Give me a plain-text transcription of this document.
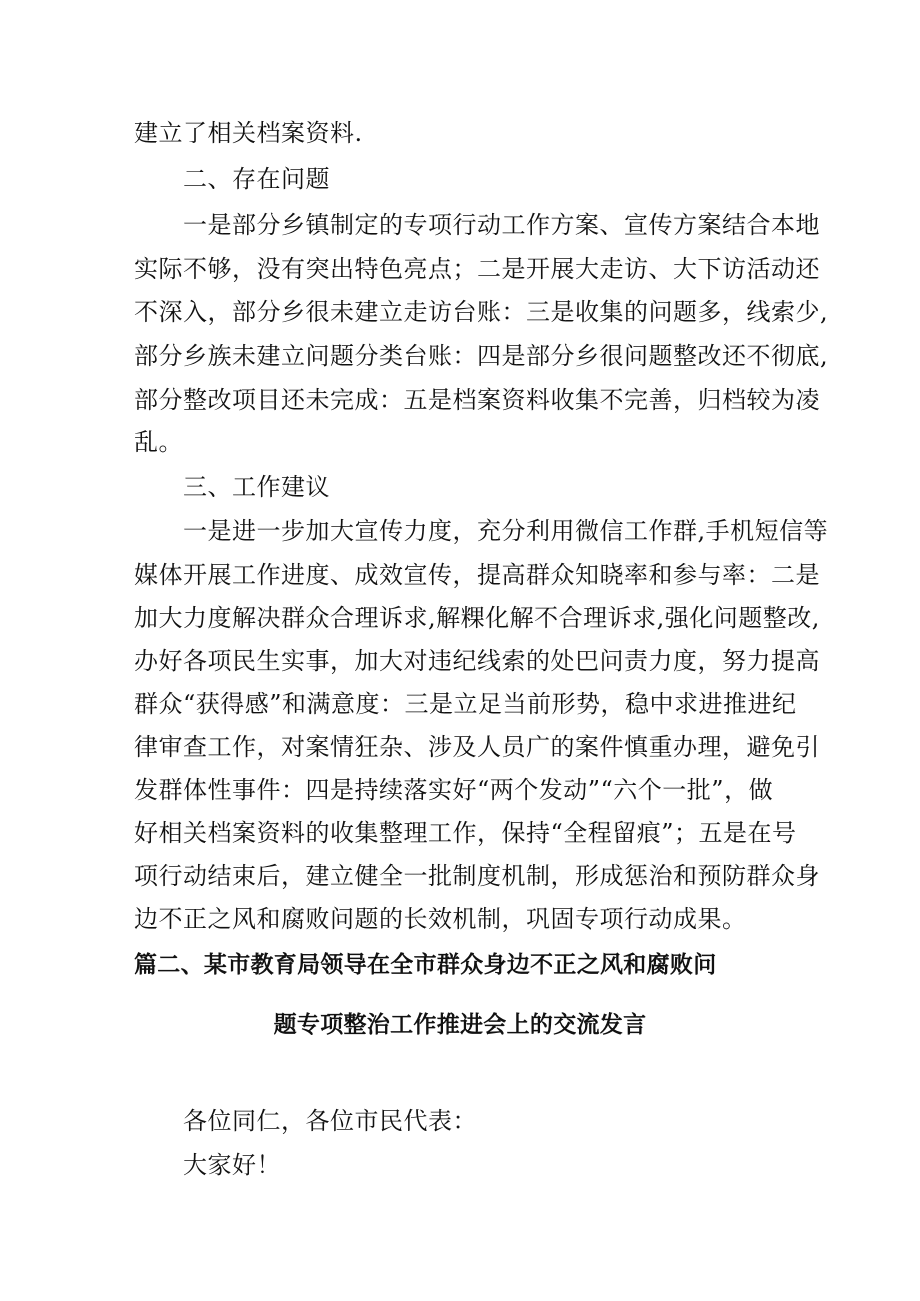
建立了相关档案资料.
二、存在问题
一是部分乡镇制定的专项行动工作方案、宣传方案结合本地
实际不够，没有突出特色亮点；二是开展大走访、大下访活动还
不深入，部分乡很未建立走访台账：三是收集的问题多，线索少,
部分乡族未建立问题分类台账：四是部分乡很问题整改还不彻底,
部分整改项目还未完成：五是档案资料收集不完善，归档较为凌
乱。
三、工作建议
一是进一步加大宣传力度，充分利用微信工作群,手机短信等
媒体开展工作进度、成效宣传，提高群众知晓率和参与率：二是
加大力度解决群众合理诉求,解粿化解不合理诉求,强化问题整改,
办好各项民生实事，加大对违纪线索的处巴问责力度，努力提高
群众“获得感”和满意度：三是立足当前形势，稳中求进推进纪
律审查工作，对案情狂杂、涉及人员广的案件慎重办理，避免引
发群体性事件：四是持续落实好“两个发动”“六个一批”，做
好相关档案资料的收集整理工作，保持“全程留痕”；五是在号
项行动结束后，建立健全一批制度机制，形成惩治和预防群众身
边不正之风和腐败问题的长效机制，巩固专项行动成果。
篇二、某市教育局领导在全市群众身边不正之风和腐败问
题专项整治工作推进会上的交流发言
各位同仁，各位市民代表：
大家好！
